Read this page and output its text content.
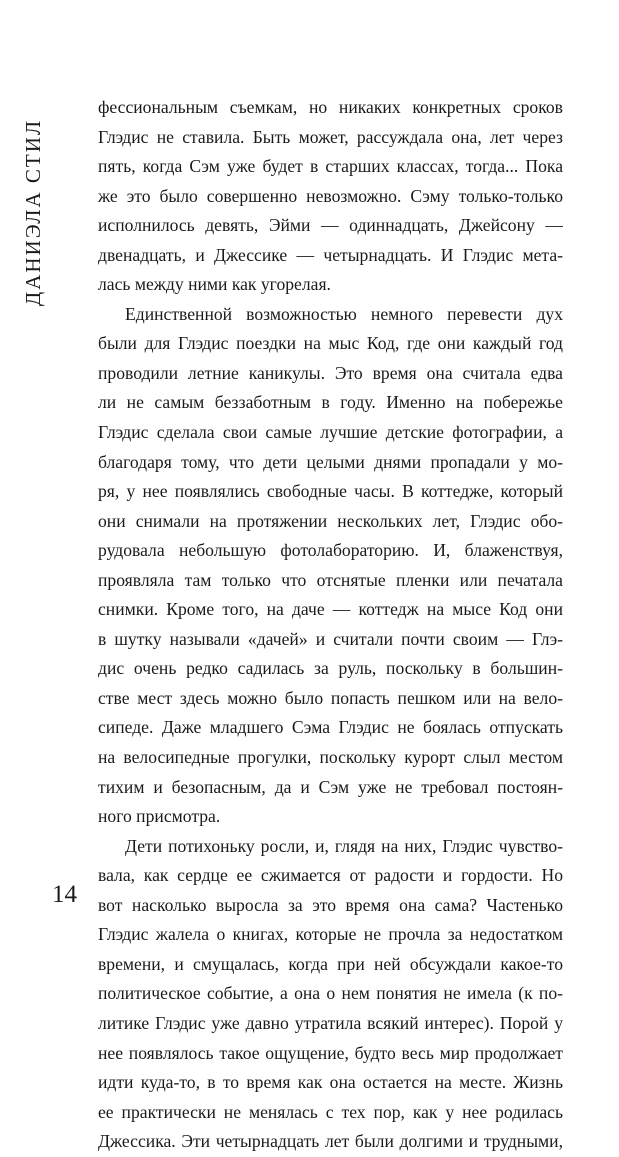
ДАНИЭЛА СТИЛ
фессиональным съемкам, но никаких конкретных сроков
Глэдис не ставила. Быть может, рассуждала она, лет через
пять, когда Сэм уже будет в старших классах, тогда... Пока
же это было совершенно невозможно. Сэму только-только
исполнилось девять, Эйми — одиннадцать, Джейсону —
двенадцать, и Джессике — четырнадцать. И Глэдис мета-
лась между ними как угорелая.
Единственной возможностью немного перевести дух
были для Глэдис поездки на мыс Код, где они каждый год
проводили летние каникулы. Это время она считала едва
ли не самым беззаботным в году. Именно на побережье
Глэдис сделала свои самые лучшие детские фотографии, а
благодаря тому, что дети целыми днями пропадали у мо-
ря, у нее появлялись свободные часы. В коттедже, который
они снимали на протяжении нескольких лет, Глэдис обо-
рудовала небольшую фотолабораторию. И, блаженствуя,
проявляла там только что отснятые пленки или печатала
снимки. Кроме того, на даче — коттедж на мысе Код они
в шутку называли «дачей» и считали почти своим — Глэ-
дис очень редко садилась за руль, поскольку в большин-
стве мест здесь можно было попасть пешком или на вело-
сипеде. Даже младшего Сэма Глэдис не боялась отпускать
на велосипедные прогулки, поскольку курорт слыл местом
тихим и безопасным, да и Сэм уже не требовал постоян-
ного присмотра.
Дети потихоньку росли, и, глядя на них, Глэдис чувство-
вала, как сердце ее сжимается от радости и гордости. Но
вот насколько выросла за это время она сама? Частенько
Глэдис жалела о книгах, которые не прочла за недостатком
времени, и смущалась, когда при ней обсуждали какое-то
политическое событие, а она о нем понятия не имела (к по-
литике Глэдис уже давно утратила всякий интерес). Порой у
нее появлялось такое ощущение, будто весь мир продолжает
идти куда-то, в то время как она остается на месте. Жизнь
ее практически не менялась с тех пор, как у нее родилась
Джессика. Эти четырнадцать лет были долгими и трудными,
14
